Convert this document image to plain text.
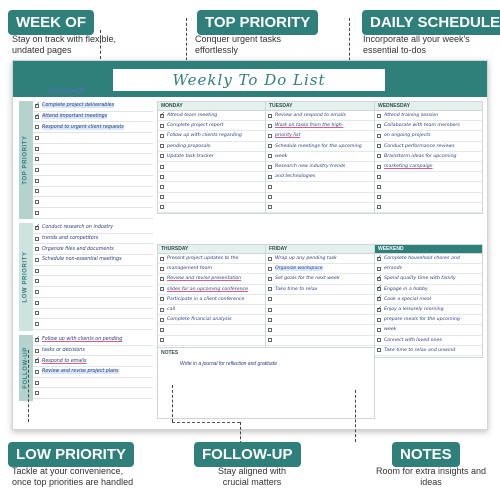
WEEK OF
Stay on track with flexible, undated pages
TOP PRIORITY
Conquer urgent tasks effortlessly
DAILY SCHEDULE
Incorporate all your week's essential to-dos
Weekly To Do List
WEEK OF: 05/29-6/04/23
TOP PRIORITY
✓
Complete project deliverables
✓
Attend important meetings
Respond to urgent client requests
LOW PRIORITY
✓
Conduct research on industry
trends and competitors
Organize files and documents
Schedule non-essential meetings
FOLLOW-UP
✓
Follow up with clients on pending
tasks or decisions
✓
Respond to emails
Review and revise project plans
MONDAY
✓
Attend team meeting
Complete project report
Follow up with clients regarding
pending proposals.
Update task tracker
TUESDAY
Review and respond to emails
Work on tasks from the high-
priority list
Schedule meetings for the upcoming
week
Research new industry trends
and technologies
WEDNESDAY
Attend training session
Collaborate with team members
on ongoing projects
Conduct performance reviews
Brainstorm ideas for upcoming
marketing campaign
THURSDAY
Present project updates to the
management team
Review and revise presentation
slides for an upcoming conference
Participate in a client conference
call
Complete financial analysis
FRIDAY
Wrap up any pending task
Organize workspace
Set goals for the next week
Take time to relax
WEEKEND
✓
Complete household chores and
errands
✓
Spend quality time with family
✓
Engage in a hobby
✓
Cook a special meal
✓
Enjoy a leisurely morning
prepare meals for the upcoming
week
Connect with loved ones
Take time to relax and unwind
NOTES
Write in a journal for reflection and gratitude
LOW PRIORITY
Tackle at your convenience, once top priorities are handled
FOLLOW-UP
Stay aligned with crucial matters
NOTES
Room for extra insights and ideas
